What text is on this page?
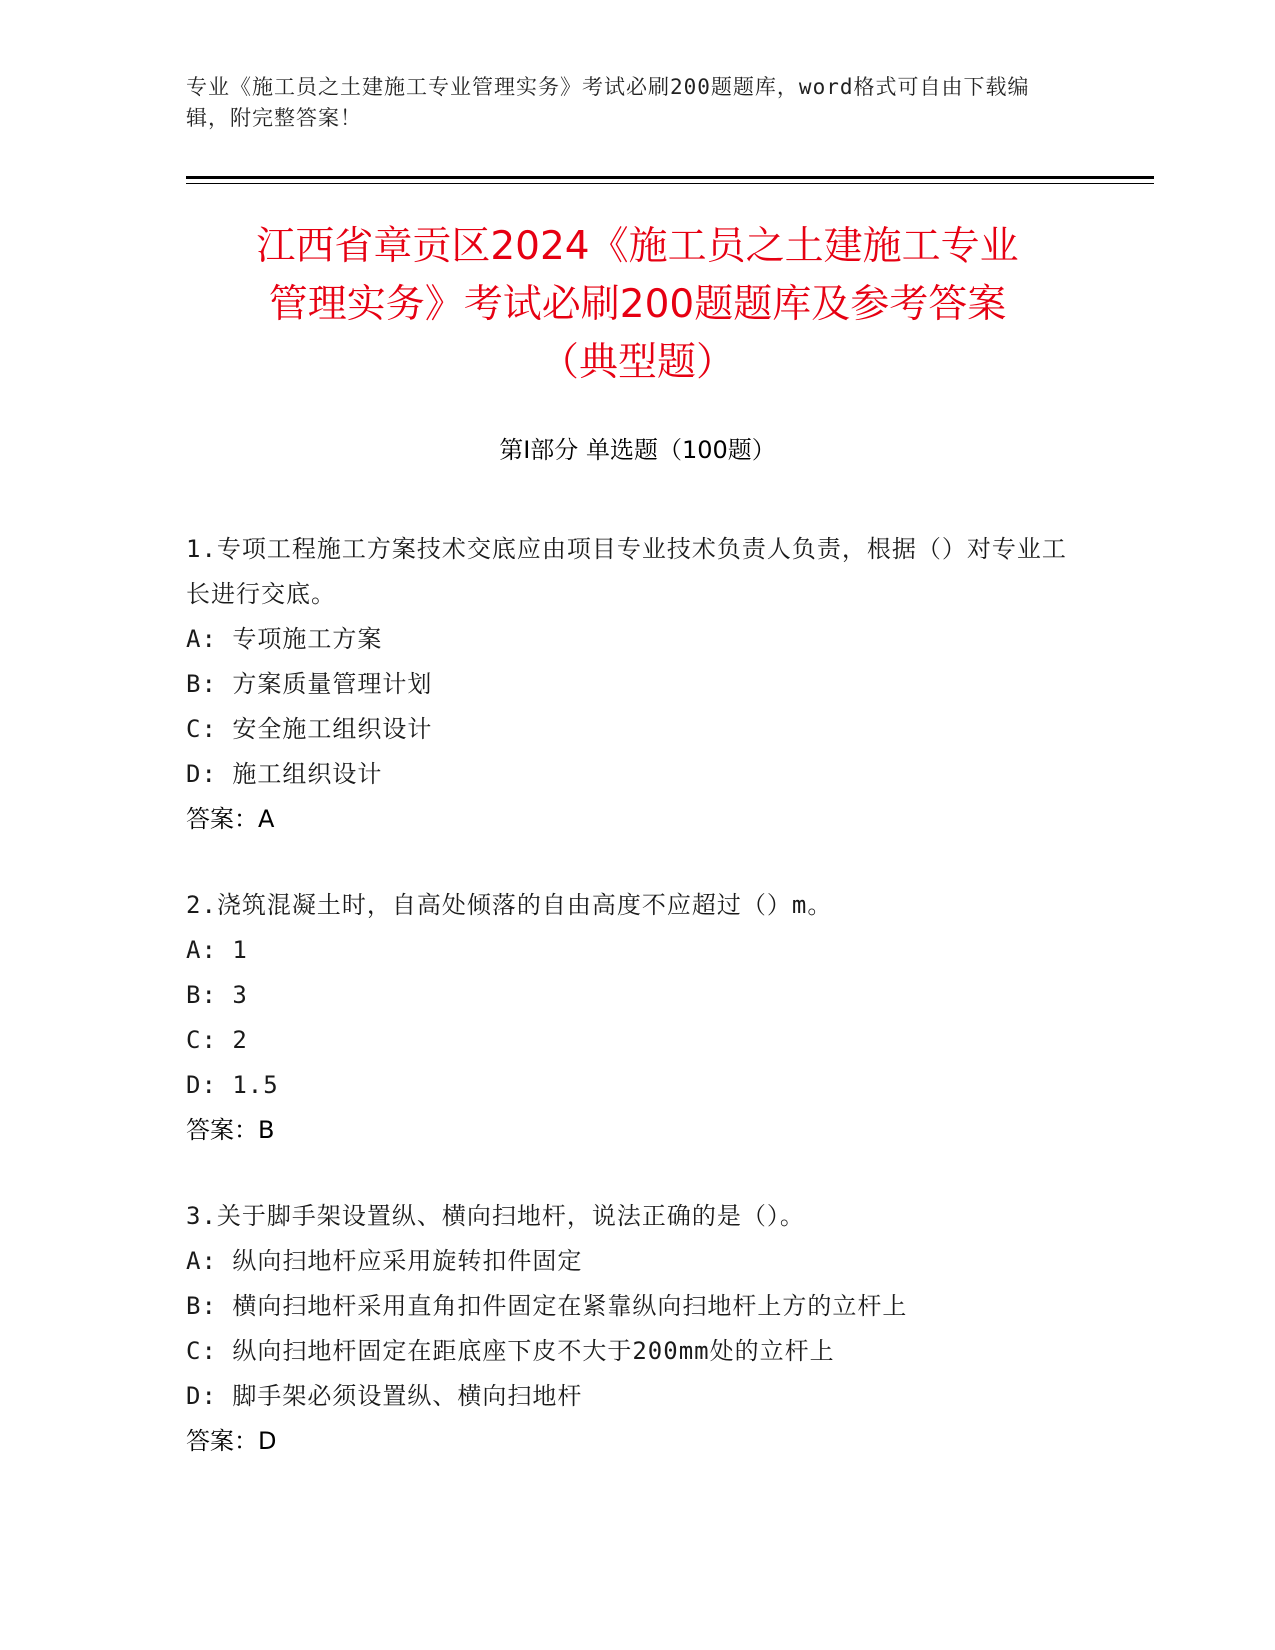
专业《施工员之土建施工专业管理实务》考试必刷200题题库，word格式可自由下载编辑，附完整答案！
江西省章贡区2024《施工员之土建施工专业
管理实务》考试必刷200题题库及参考答案
（典型题）
第Ⅰ部分 单选题（100题）
1.专项工程施工方案技术交底应由项目专业技术负责人负责，根据（）对专业工长进行交底。
A: 专项施工方案
B: 方案质量管理计划
C: 安全施工组织设计
D: 施工组织设计
答案：A
2.浇筑混凝土时，自高处倾落的自由高度不应超过（）m。
A: 1
B: 3
C: 2
D: 1.5
答案：B
3.关于脚手架设置纵、横向扫地杆，说法正确的是（）。
A: 纵向扫地杆应采用旋转扣件固定
B: 横向扫地杆采用直角扣件固定在紧靠纵向扫地杆上方的立杆上
C: 纵向扫地杆固定在距底座下皮不大于200mm处的立杆上
D: 脚手架必须设置纵、横向扫地杆
答案：D
